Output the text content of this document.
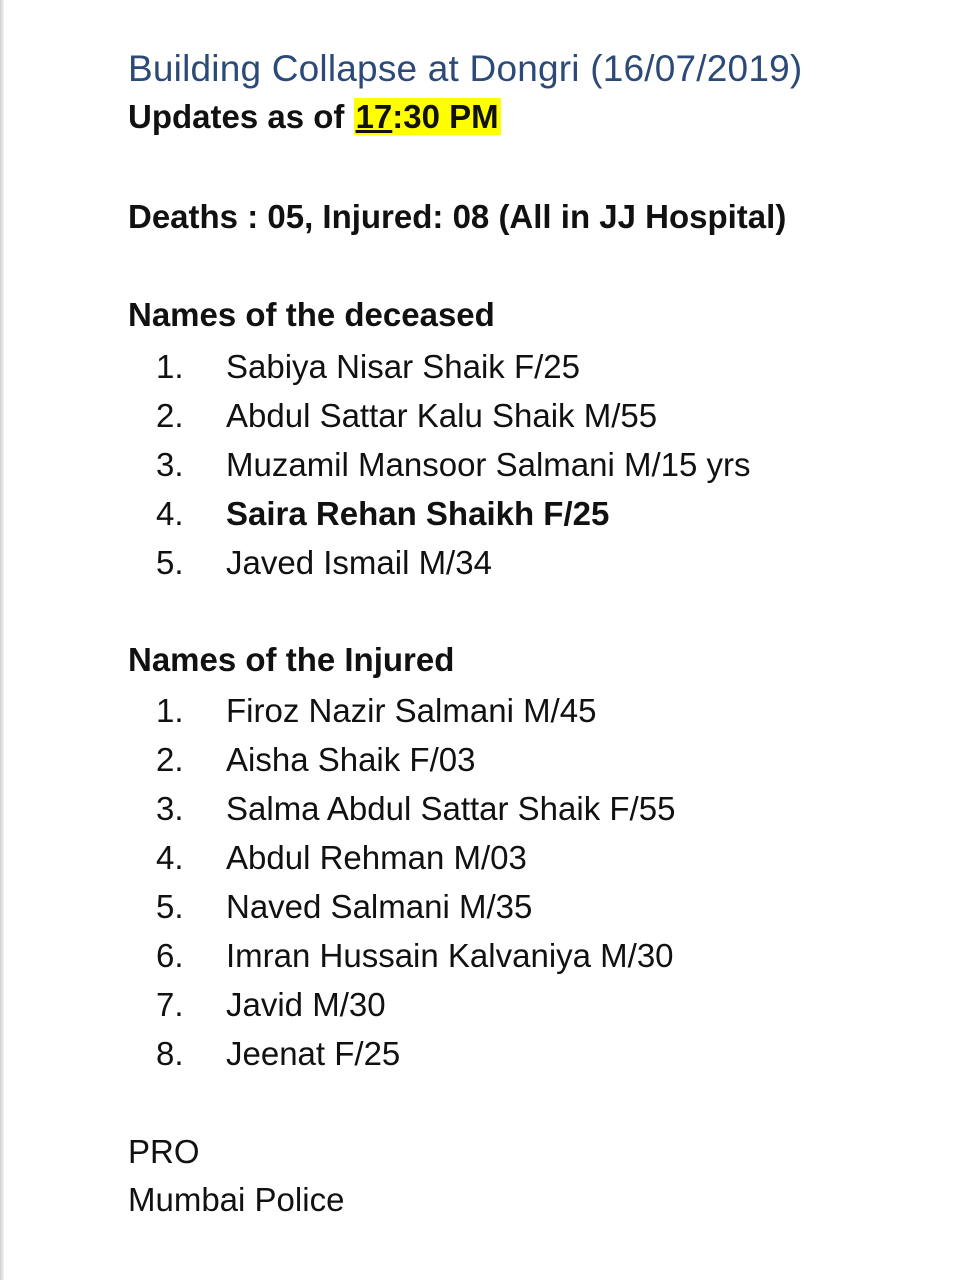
Building Collapse at Dongri (16/07/2019)
Updates as of 17:30 PM
Deaths : 05, Injured: 08 (All in JJ Hospital)
Names of the deceased
1. Sabiya Nisar Shaik F/25
2. Abdul Sattar Kalu Shaik M/55
3. Muzamil Mansoor Salmani M/15 yrs
4. Saira Rehan Shaikh F/25
5. Javed Ismail M/34
Names of the Injured
1. Firoz Nazir Salmani M/45
2. Aisha Shaik F/03
3. Salma Abdul Sattar Shaik F/55
4. Abdul Rehman M/03
5. Naved Salmani M/35
6. Imran Hussain Kalvaniya M/30
7. Javid M/30
8. Jeenat F/25
PRO
Mumbai Police
